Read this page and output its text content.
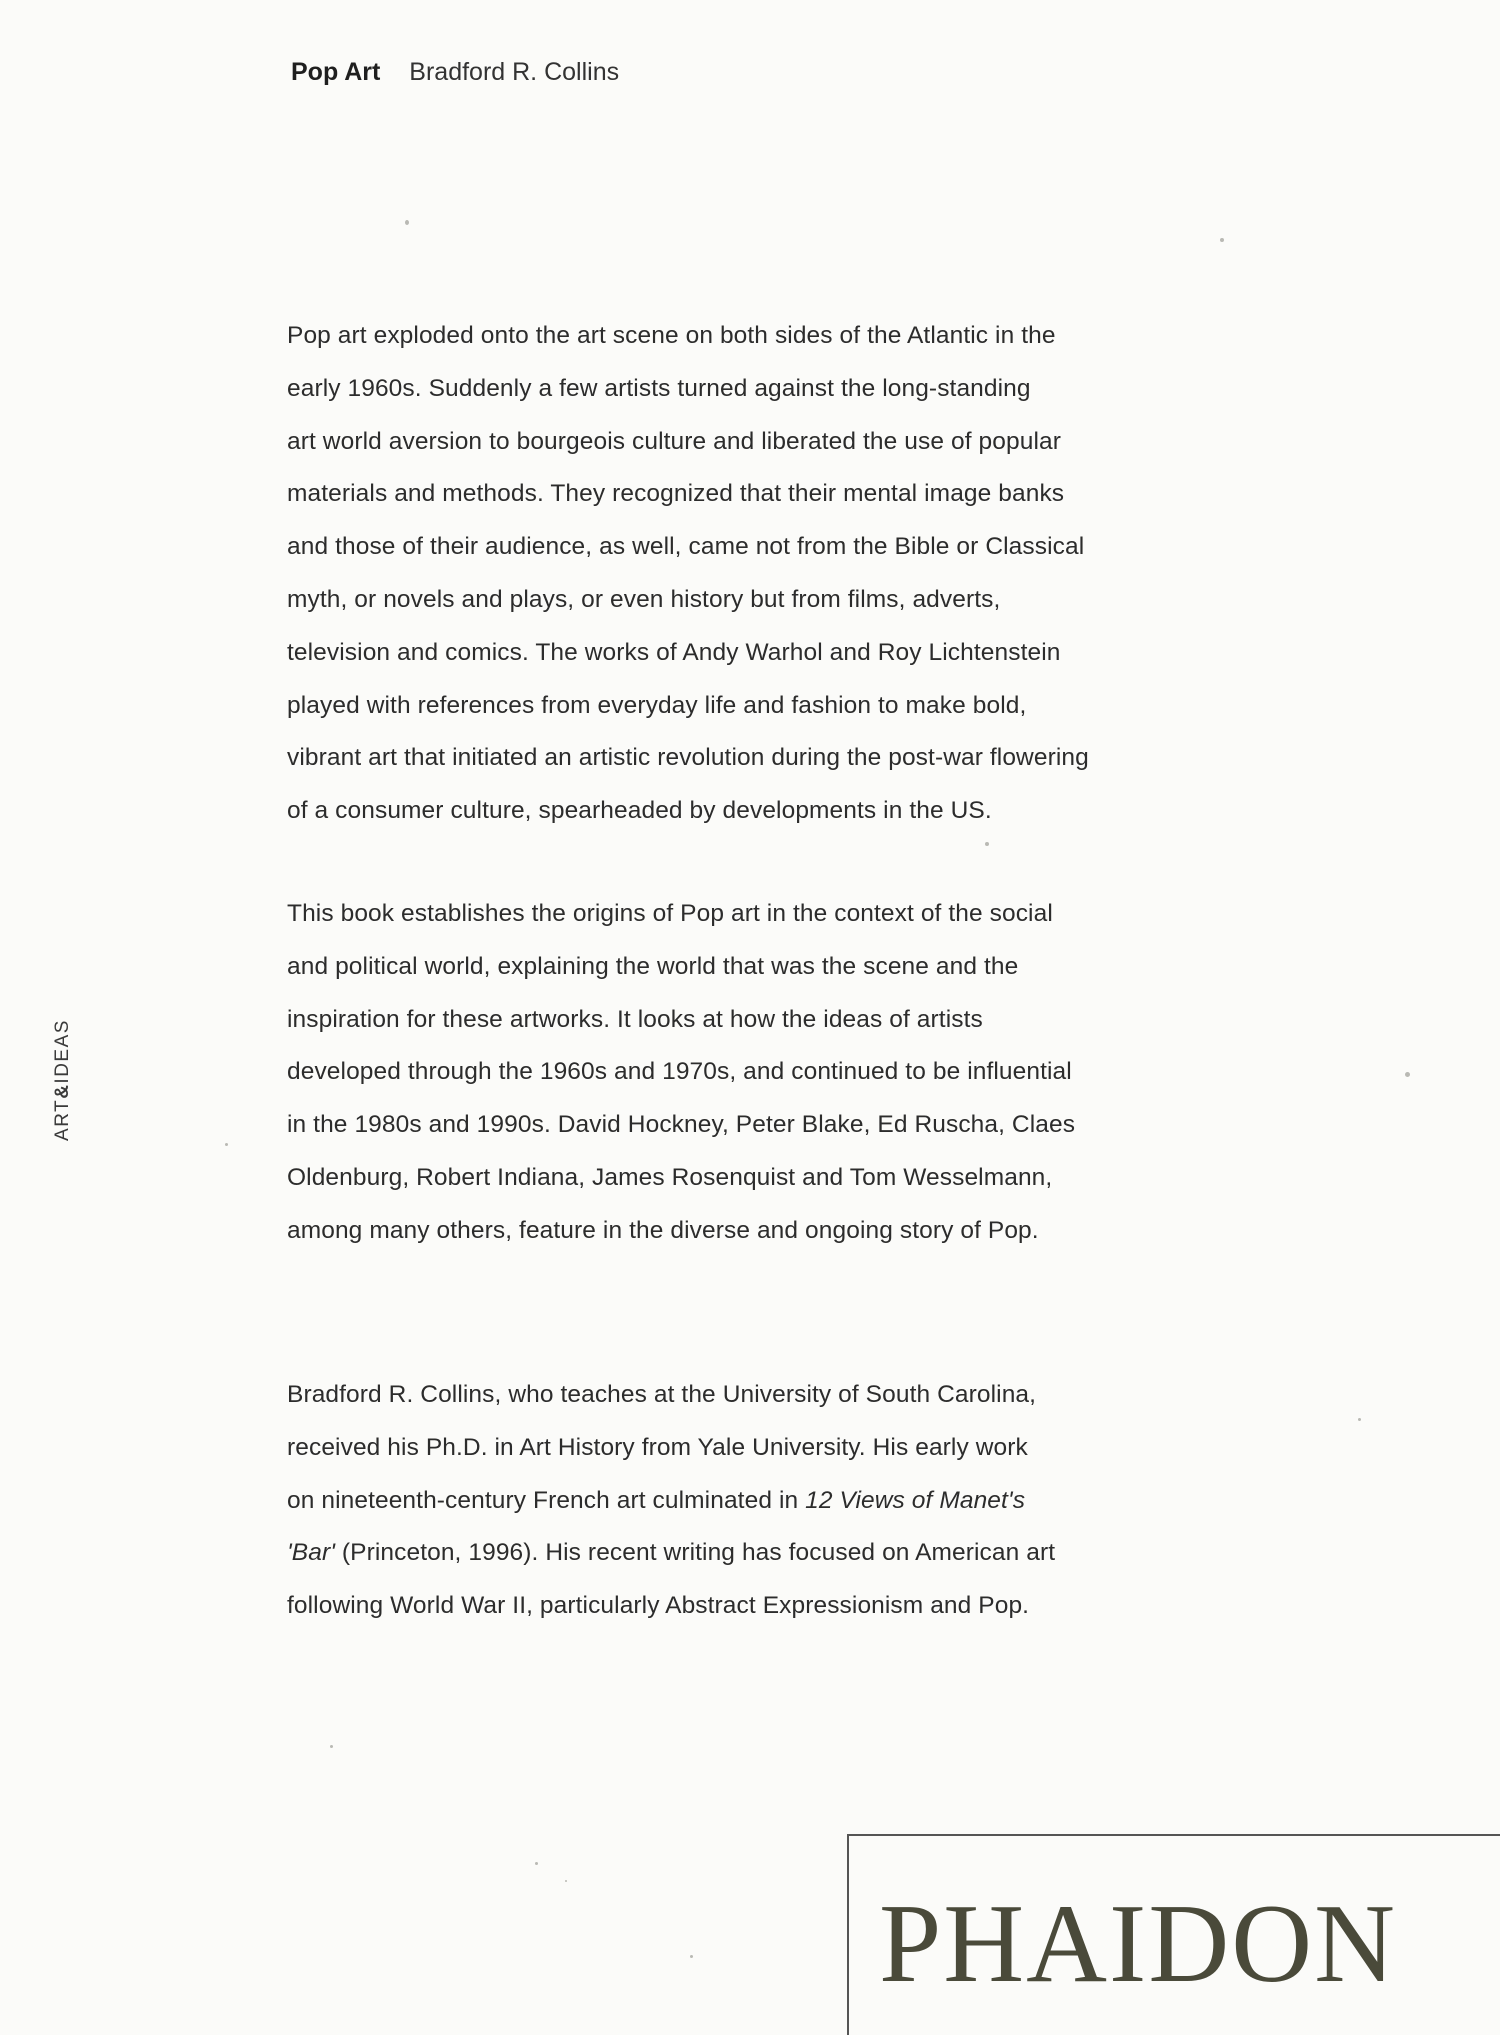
Pop Art Bradford R. Collins
ART&IDEAS
Pop art exploded onto the art scene on both sides of the Atlantic in the
early 1960s. Suddenly a few artists turned against the long-standing
art world aversion to bourgeois culture and liberated the use of popular
materials and methods. They recognized that their mental image banks
and those of their audience, as well, came not from the Bible or Classical
myth, or novels and plays, or even history but from films, adverts,
television and comics. The works of Andy Warhol and Roy Lichtenstein
played with references from everyday life and fashion to make bold,
vibrant art that initiated an artistic revolution during the post-war flowering
of a consumer culture, spearheaded by developments in the US.
This book establishes the origins of Pop art in the context of the social
and political world, explaining the world that was the scene and the
inspiration for these artworks. It looks at how the ideas of artists
developed through the 1960s and 1970s, and continued to be influential
in the 1980s and 1990s. David Hockney, Peter Blake, Ed Ruscha, Claes
Oldenburg, Robert Indiana, James Rosenquist and Tom Wesselmann,
among many others, feature in the diverse and ongoing story of Pop.
Bradford R. Collins, who teaches at the University of South Carolina,
received his Ph.D. in Art History from Yale University. His early work
on nineteenth-century French art culminated in 12 Views of Manet's
'Bar' (Princeton, 1996). His recent writing has focused on American art
following World War II, particularly Abstract Expressionism and Pop.
PHAIDON
